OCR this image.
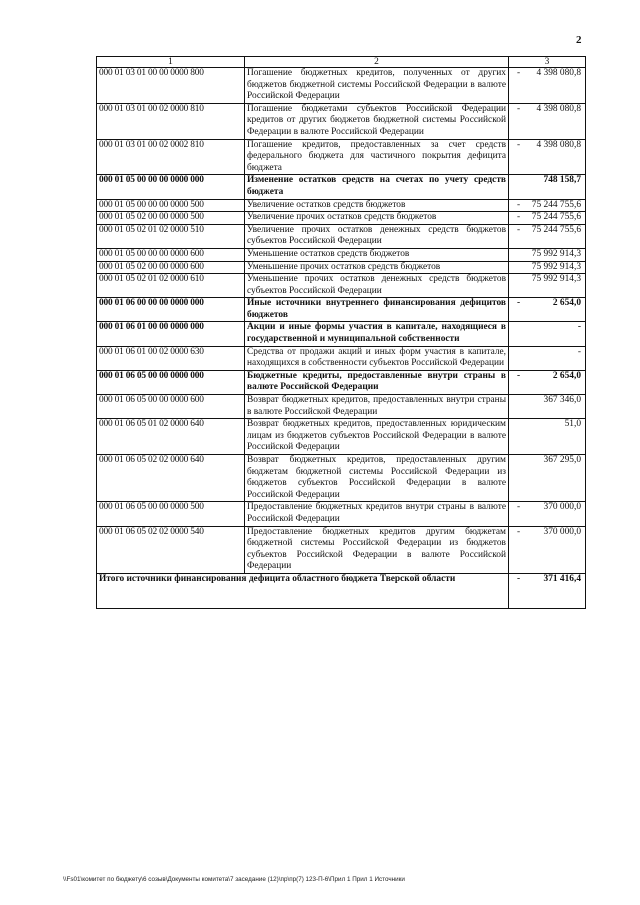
2
1	2	3
000 01 03 01 00 00 0000 800	Погашение бюджетных кредитов, полученных от других бюджетов бюджетной системы Российской Федерации в валюте Российской Федерации	- 4 398 080,8

000 01 03 01 00 02 0000 810	Погашение бюджетами субъектов Российской Федерации кредитов от других бюджетов бюджетной системы Российской Федерации в валюте Российской Федерации	- 4 398 080,8

000 01 03 01 00 02 0002 810	Погашение кредитов, предоставленных за счет средств федерального бюджета для частичного покрытия дефицита бюджета	- 4 398 080,8

000 01 05 00 00 00 0000 000	Изменение остатков средств на счетах по учету средств бюджета	748 158,7

000 01 05 00 00 00 0000 500	Увеличение остатков средств бюджетов	- 75 244 755,6

000 01 05 02 00 00 0000 500	Увеличение прочих остатков средств бюджетов	- 75 244 755,6

000 01 05 02 01 02 0000 510	Увеличение прочих остатков денежных средств бюджетов субъектов Российской Федерации	- 75 244 755,6

000 01 05 00 00 00 0000 600	Уменьшение остатков средств бюджетов	75 992 914,3

000 01 05 02 00 00 0000 600	Уменьшение прочих остатков средств бюджетов	75 992 914,3

000 01 05 02 01 02 0000 610	Уменьшение прочих остатков денежных средств бюджетов субъектов Российской Федерации	75 992 914,3

000 01 06 00 00 00 0000 000	Иные источники внутреннего финансирования дефицитов бюджетов	- 2 654,0

000 01 06 01 00 00 0000 000	Акции и иные формы участия в капитале, находящиеся в государственной и муниципальной собственности	-

000 01 06 01 00 02 0000 630	Средства от продажи акций и иных форм участия в капитале, находящихся в собственности субъектов Российской Федерации	-

000 01 06 05 00 00 0000 000	Бюджетные кредиты, предоставленные внутри страны в валюте Российской Федерации	- 2 654,0

000 01 06 05 00 00 0000 600	Возврат бюджетных кредитов, предоставленных внутри страны в валюте Российской Федерации	367 346,0

000 01 06 05 01 02 0000 640	Возврат бюджетных кредитов, предоставленных юридическим лицам из бюджетов субъектов Российской Федерации в валюте Российской Федерации	51,0

000 01 06 05 02 02 0000 640	Возврат бюджетных кредитов, предоставленных другим бюджетам бюджетной системы Российской Федерации из бюджетов субъектов Российской Федерации в валюте Российской Федерации	367 295,0

000 01 06 05 00 00 0000 500	Предоставление бюджетных кредитов внутри страны в валюте Российской Федерации	- 370 000,0

000 01 06 05 02 02 0000 540	Предоставление бюджетных кредитов другим бюджетам бюджетной системы Российской Федерации из бюджетов субъектов Российской Федерации в валюте Российской Федерации	- 370 000,0

Итого источники финансирования дефицита областного бюджета Тверской области		- 371 416,4
\\Fs01\комитет по бюджету\6 созыв\Документы комитета\7 заседание (12)\пр\пр(7) 123-П-6\Прил 1 Прил 1 Источники
